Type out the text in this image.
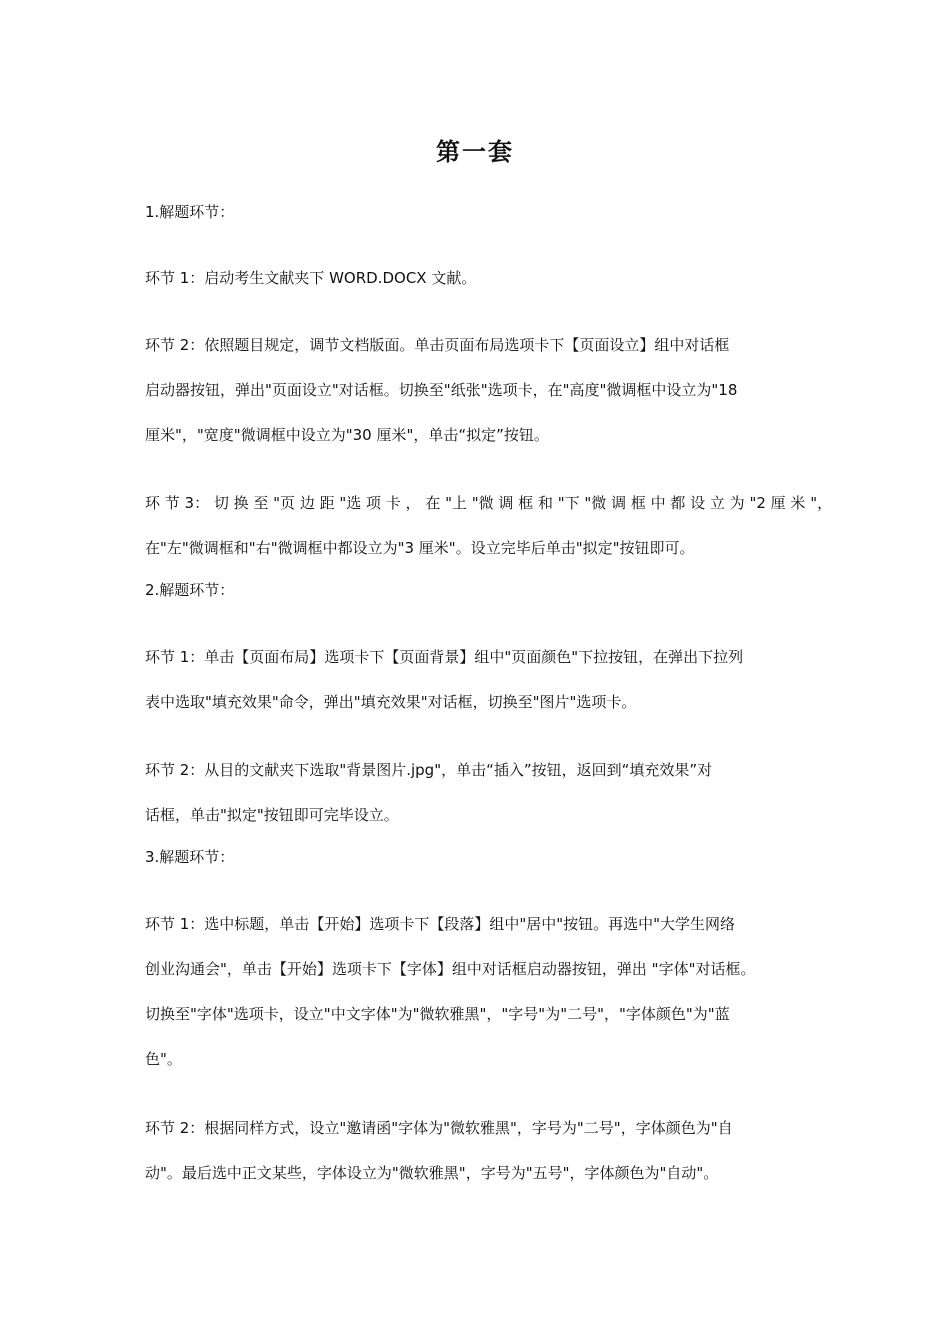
第一套

1.解题环节：

环节 1：启动考生文献夹下 WORD.DOCX 文献。

环节 2：依照题目规定，调节文档版面。单击页面布局选项卡下【页面设立】组中对话框

启动器按钮，弹出"页面设立"对话框。切换至"纸张"选项卡，在"高度"微调框中设立为"18

厘米"，"宽度"微调框中设立为"30 厘米"，单击“拟定”按钮。

环 节 3： 切 换 至 "页 边 距 "选 项 卡 ， 在 "上 "微 调 框 和 "下 "微 调 框 中 都 设 立 为 "2 厘 米 "，

在"左"微调框和"右"微调框中都设立为"3 厘米"。设立完毕后单击"拟定"按钮即可。

2.解题环节：

环节 1：单击【页面布局】选项卡下【页面背景】组中"页面颜色"下拉按钮，在弹出下拉列

表中选取"填充效果"命令，弹出"填充效果"对话框，切换至"图片"选项卡。

环节 2：从目的文献夹下选取"背景图片.jpg"，单击“插入”按钮，返回到“填充效果”对

话框，单击"拟定"按钮即可完毕设立。

3.解题环节：

环节 1：选中标题，单击【开始】选项卡下【段落】组中"居中"按钮。再选中"大学生网络

创业沟通会"，单击【开始】选项卡下【字体】组中对话框启动器按钮，弹出 "字体"对话框。

切换至"字体"选项卡，设立"中文字体"为"微软雅黑"，"字号"为"二号"，"字体颜色"为"蓝

色"。

环节 2：根据同样方式，设立"邀请函"字体为"微软雅黑"，字号为"二号"，字体颜色为"自

动"。最后选中正文某些，字体设立为"微软雅黑"，字号为"五号"，字体颜色为"自动"。
